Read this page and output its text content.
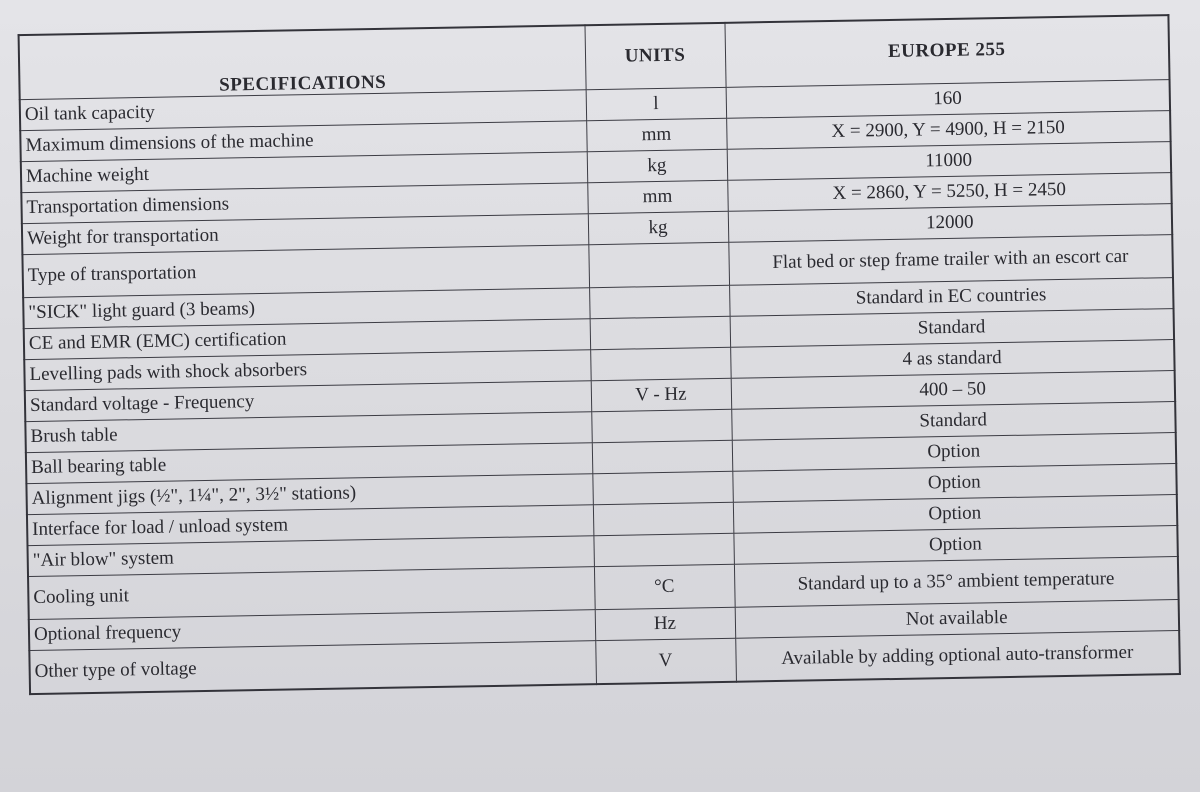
SPECIFICATIONS	UNITS	EUROPE 255
Oil tank capacity	l	160
Maximum dimensions of the machine	mm	X = 2900, Y = 4900, H = 2150
Machine weight	kg	11000
Transportation dimensions	mm	X = 2860, Y = 5250, H = 2450
Weight for transportation	kg	12000
Type of transportation		Flat bed or step frame trailer with an escort car
"SICK" light guard (3 beams)		Standard in EC countries
CE and EMR (EMC) certification		Standard
Levelling pads with shock absorbers		4 as standard
Standard voltage - Frequency	V - Hz	400 – 50
Brush table		Standard
Ball bearing table		Option
Alignment jigs (½", 1¼", 2", 3½" stations)		Option
Interface for load / unload system		Option
"Air blow" system		Option
Cooling unit	°C	Standard up to a 35° ambient temperature
Optional frequency	Hz	Not available
Other type of voltage	V	Available by adding optional auto-transformer
